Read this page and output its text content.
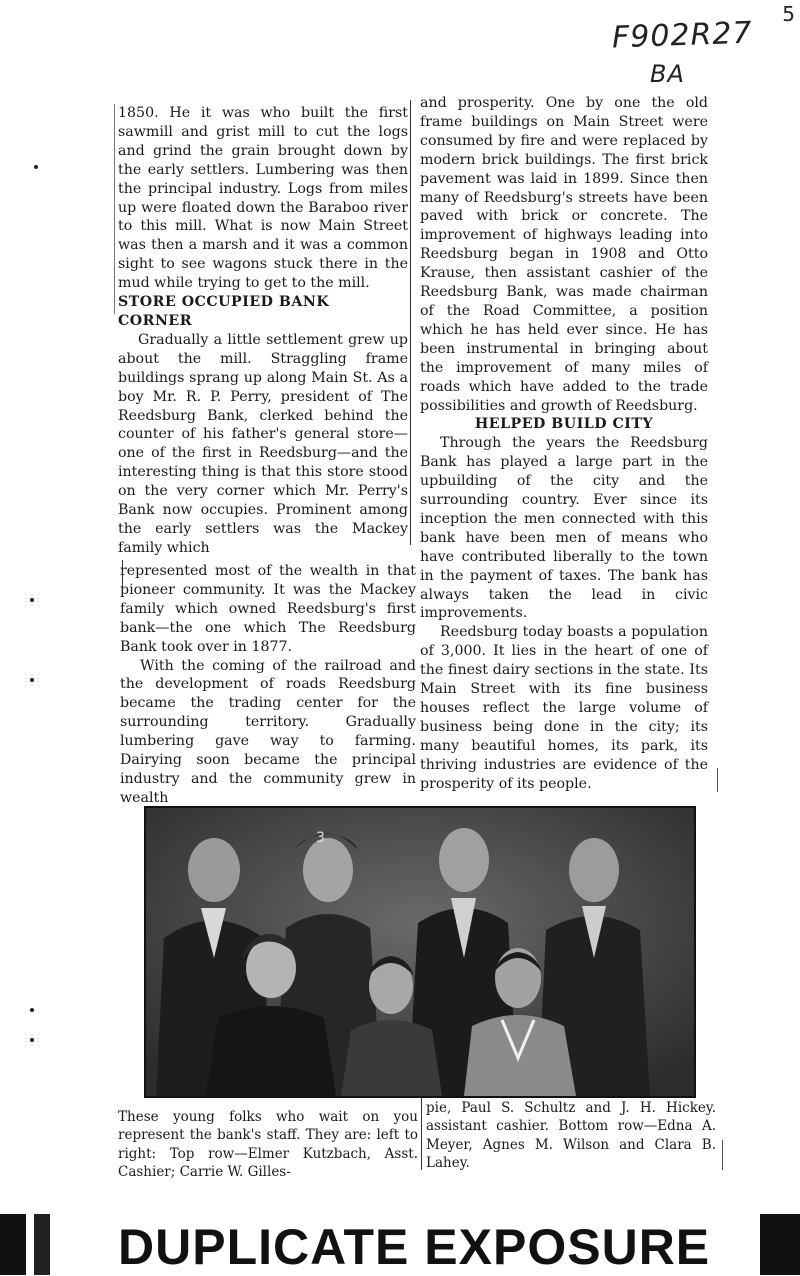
F902R27
BA
5

1850. He it was who built the first sawmill and grist mill to cut the logs and grind the grain brought down by the early settlers. Lumbering was then the principal industry. Logs from miles up were floated down the Baraboo river to this mill. What is now Main Street was then a marsh and it was a common sight to see wagons stuck there in the mud while trying to get to the mill.

STORE OCCUPIED BANK CORNER

Gradually a little settlement grew up about the mill. Straggling frame buildings sprang up along Main St. As a boy Mr. R. P. Perry, president of The Reedsburg Bank, clerked behind the counter of his father's general store—one of the first in Reedsburg—and the interesting thing is that this store stood on the very corner which Mr. Perry's Bank now occupies. Prominent among the early settlers was the Mackey family which

represented most of the wealth in that pioneer community. It was the Mackey family which owned Reedsburg's first bank—the one which The Reedsburg Bank took over in 1877.

With the coming of the railroad and the development of roads Reedsburg became the trading center for the surrounding territory. Gradually lumbering gave way to farming. Dairying soon became the principal industry and the community grew in wealth

and prosperity. One by one the old frame buildings on Main Street were consumed by fire and were replaced by modern brick buildings. The first brick pavement was laid in 1899. Since then many of Reedsburg's streets have been paved with brick or concrete. The improvement of highways leading into Reedsburg began in 1908 and Otto Krause, then assistant cashier of the Reedsburg Bank, was made chairman of the Road Committee, a position which he has held ever since. He has been instrumental in bringing about the improvement of many miles of roads which have added to the trade possibilities and growth of Reedsburg.

HELPED BUILD CITY

Through the years the Reedsburg Bank has played a large part in the upbuilding of the city and the surrounding country. Ever since its inception the men connected with this bank have been men of means who have contributed liberally to the town in the payment of taxes. The bank has always taken the lead in civic improvements.

Reedsburg today boasts a population of 3,000. It lies in the heart of one of the finest dairy sections in the state. Its Main Street with its fine business houses reflect the large volume of business being done in the city; its many beautiful homes, its park, its thriving industries are evidence of the prosperity of its people.

3
These young folks who wait on you represent the bank's staff. They are: left to right: Top row—Elmer Kutzbach, Asst. Cashier; Carrie W. Gilles-
pie, Paul S. Schultz and J. H. Hickey. assistant cashier. Bottom row—Edna A. Meyer, Agnes M. Wilson and Clara B. Lahey.
DUPLICATE EXPOSURE
